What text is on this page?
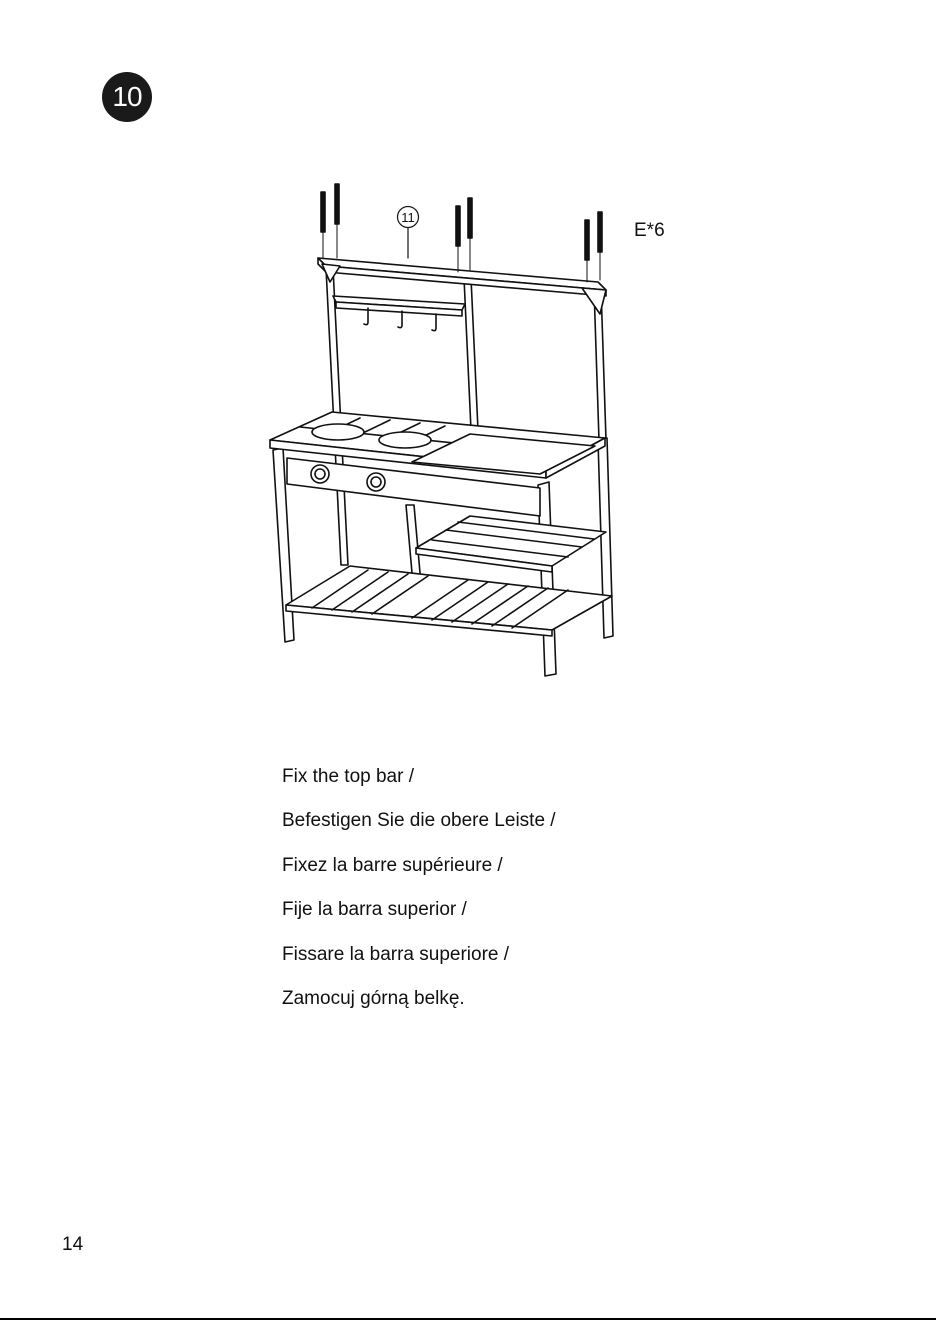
10
11
E*6
Fix the top bar /
Befestigen Sie die obere Leiste /
Fixez la barre supérieure /
Fije la barra superior /
Fissare la barra superiore /
Zamocuj górną belkę.
14
